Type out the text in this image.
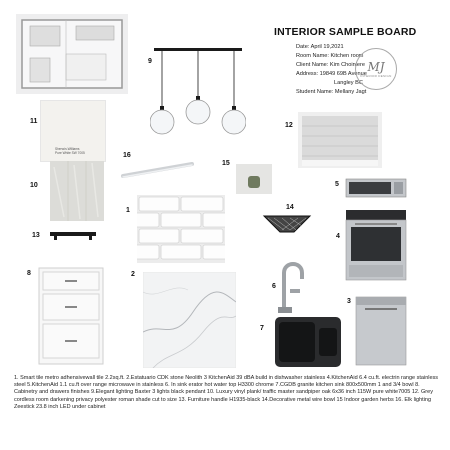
INTERIOR SAMPLE BOARD
Date: April 19,2021
Room Name: Kitchen room
Client Name: Kim Choiniere
Address: 19849 69B Avenue
Langley BC
Student Name: Mellany Jagt
MJ
INTERIOR DESIGN
Sherwin-Williams
Pure White SW 7005
9
11
12
16
15
10	5
1	14
13	4
8	2
6
3
7
1. Smart tile metro adhensivewall tile 2.2sq.ft. 2.Estatuario CDK stone Neolith 3 KitchenAid 39 dBA build in dishwasher stainless 4.KitchenAid 6.4 cu.ft. electrin range stainless steel 5.KitchenAid 1.1 cu.ft over range microwave in stainless 6. In sink erator hot water top H3300 chrome 7.CGDB granite kitchen sink 800x500mm 1 and 3/4 bowl 8. Cabinetry and drawers finishes 9.Elegant lighting Baxter 3 lights black pendant 10. Luxury vinyl plank/ traffic master sandpiper oak 6x36 inch 115W pure white7005 12. Grey cordless room darkening privacy polyester roman shade cut to size 13. Furniture handle H1935-black 14.Decorative metal wire bowl 15 Indoor garden herbs 16. Elk lighting Zeestick 23.8 inch LED under cabinet
